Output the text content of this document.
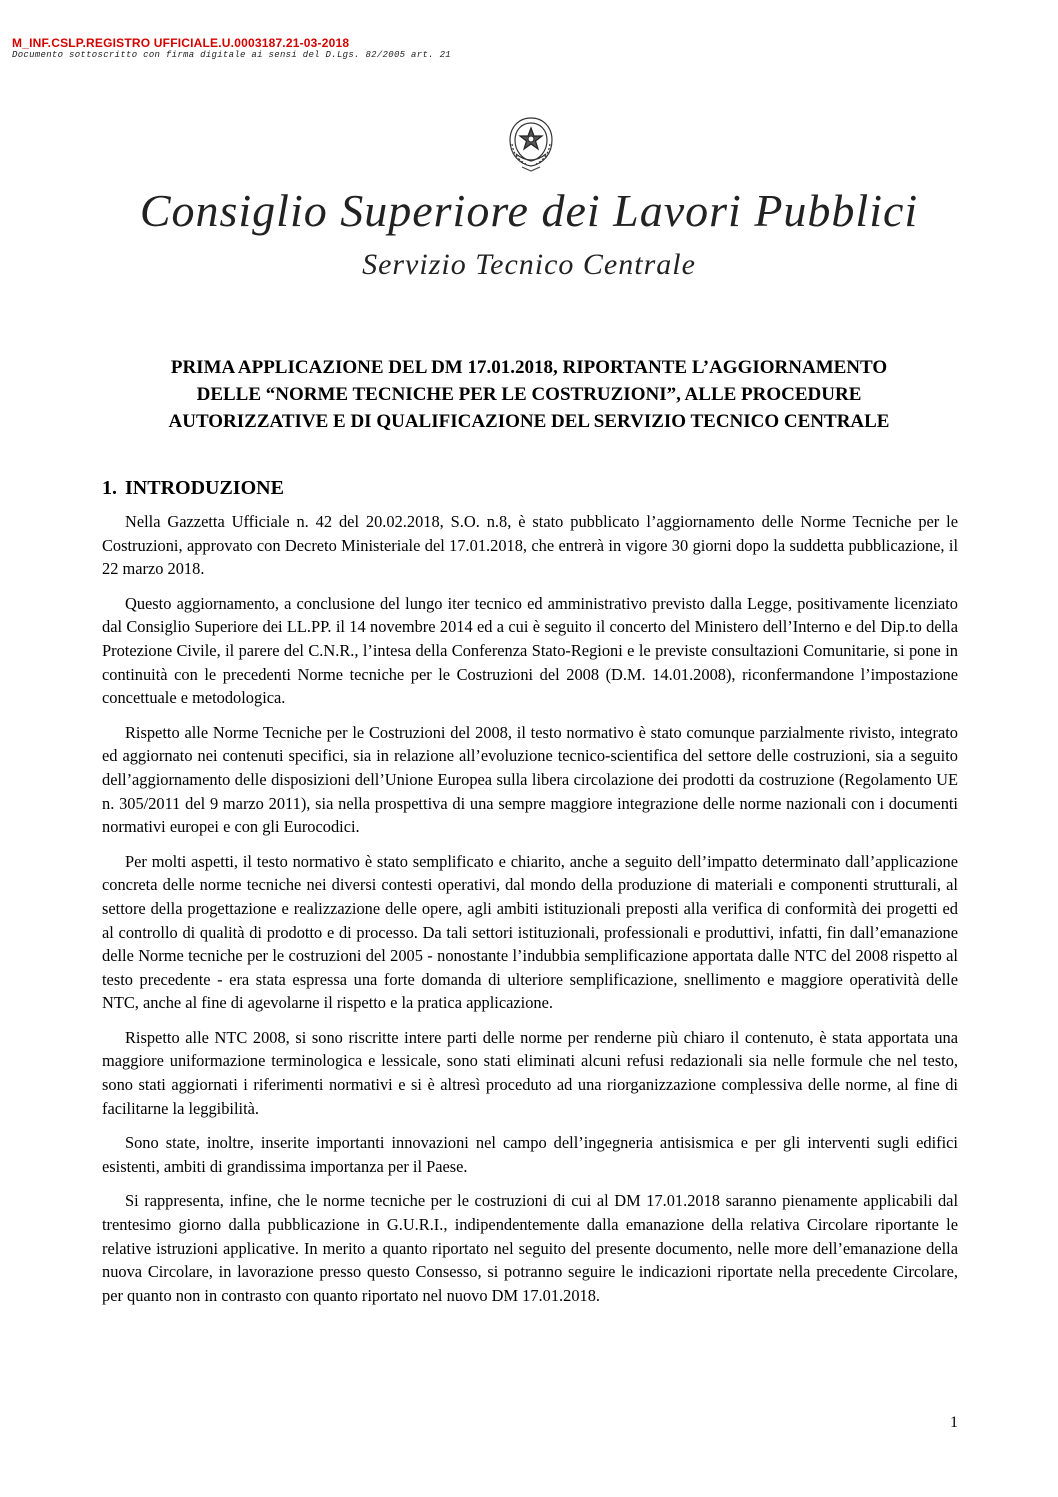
M_INF.CSLP.REGISTRO UFFICIALE.U.0003187.21-03-2018
Documento sottoscritto con firma digitale ai sensi del D.Lgs. 82/2005 art. 21
Consiglio Superiore dei Lavori Pubblici
Servizio Tecnico Centrale
PRIMA APPLICAZIONE DEL DM 17.01.2018, RIPORTANTE L’AGGIORNAMENTO
DELLE “NORME TECNICHE PER LE COSTRUZIONI”, ALLE PROCEDURE
AUTORIZZATIVE E DI QUALIFICAZIONE DEL SERVIZIO TECNICO CENTRALE
1. INTRODUZIONE

Nella Gazzetta Ufficiale n. 42 del 20.02.2018, S.O. n.8, è stato pubblicato l’aggiornamento delle Norme Tecniche per le Costruzioni, approvato con Decreto Ministeriale del 17.01.2018, che entrerà in vigore 30 giorni dopo la suddetta pubblicazione, il 22 marzo 2018.

Questo aggiornamento, a conclusione del lungo iter tecnico ed amministrativo previsto dalla Legge, positivamente licenziato dal Consiglio Superiore dei LL.PP. il 14 novembre 2014 ed a cui è seguito il concerto del Ministero dell’Interno e del Dip.to della Protezione Civile, il parere del C.N.R., l’intesa della Conferenza Stato-Regioni e le previste consultazioni Comunitarie, si pone in continuità con le precedenti Norme tecniche per le Costruzioni del 2008 (D.M. 14.01.2008), riconfermandone l’impostazione concettuale e metodologica.

Rispetto alle Norme Tecniche per le Costruzioni del 2008, il testo normativo è stato comunque parzialmente rivisto, integrato ed aggiornato nei contenuti specifici, sia in relazione all’evoluzione tecnico-scientifica del settore delle costruzioni, sia a seguito dell’aggiornamento delle disposizioni dell’Unione Europea sulla libera circolazione dei prodotti da costruzione (Regolamento UE n. 305/2011 del 9 marzo 2011), sia nella prospettiva di una sempre maggiore integrazione delle norme nazionali con i documenti normativi europei e con gli Eurocodici.

Per molti aspetti, il testo normativo è stato semplificato e chiarito, anche a seguito dell’impatto determinato dall’applicazione concreta delle norme tecniche nei diversi contesti operativi, dal mondo della produzione di materiali e componenti strutturali, al settore della progettazione e realizzazione delle opere, agli ambiti istituzionali preposti alla verifica di conformità dei progetti ed al controllo di qualità di prodotto e di processo. Da tali settori istituzionali, professionali e produttivi, infatti, fin dall’emanazione delle Norme tecniche per le costruzioni del 2005 - nonostante l’indubbia semplificazione apportata dalle NTC del 2008 rispetto al testo precedente - era stata espressa una forte domanda di ulteriore semplificazione, snellimento e maggiore operatività delle NTC, anche al fine di agevolarne il rispetto e la pratica applicazione.

Rispetto alle NTC 2008, si sono riscritte intere parti delle norme per renderne più chiaro il contenuto, è stata apportata una maggiore uniformazione terminologica e lessicale, sono stati eliminati alcuni refusi redazionali sia nelle formule che nel testo, sono stati aggiornati i riferimenti normativi e si è altresì proceduto ad una riorganizzazione complessiva delle norme, al fine di facilitarne la leggibilità.

Sono state, inoltre, inserite importanti innovazioni nel campo dell’ingegneria antisismica e per gli interventi sugli edifici esistenti, ambiti di grandissima importanza per il Paese.

Si rappresenta, infine, che le norme tecniche per le costruzioni di cui al DM 17.01.2018 saranno pienamente applicabili dal trentesimo giorno dalla pubblicazione in G.U.R.I., indipendentemente dalla emanazione della relativa Circolare riportante le relative istruzioni applicative. In merito a quanto riportato nel seguito del presente documento, nelle more dell’emanazione della nuova Circolare, in lavorazione presso questo Consesso, si potranno seguire le indicazioni riportate nella precedente Circolare, per quanto non in contrasto con quanto riportato nel nuovo DM 17.01.2018.

1
